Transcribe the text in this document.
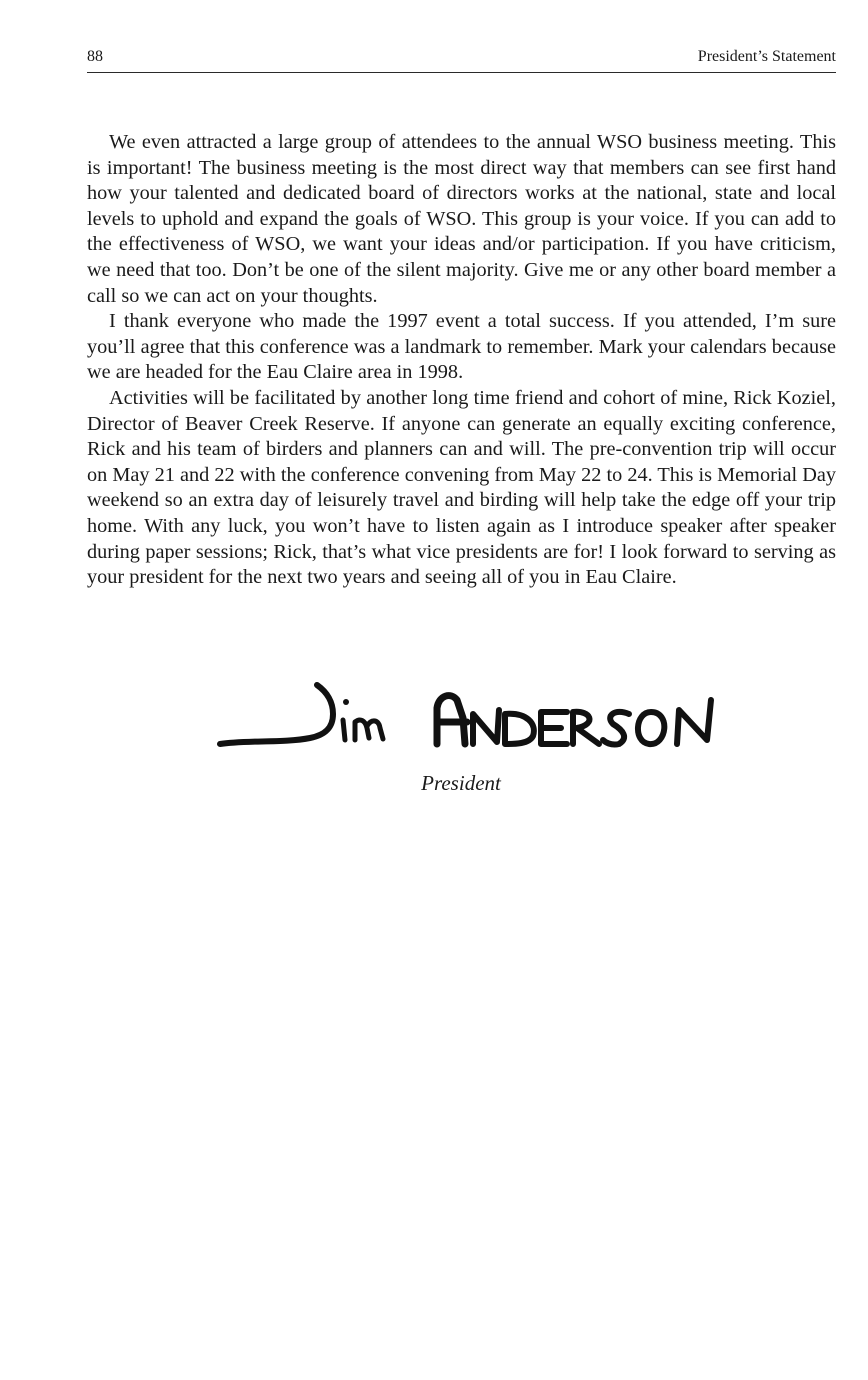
88	President’s Statement

We even attracted a large group of attendees to the annual WSO business meeting. This is important! The business meeting is the most direct way that members can see first hand how your talented and dedicated board of directors works at the national, state and local levels to uphold and expand the goals of WSO. This group is your voice. If you can add to the effectiveness of WSO, we want your ideas and/or participation. If you have criticism, we need that too. Don’t be one of the silent majority. Give me or any other board member a call so we can act on your thoughts.

I thank everyone who made the 1997 event a total success. If you attended, I’m sure you’ll agree that this conference was a landmark to remember. Mark your calendars because we are headed for the Eau Claire area in 1998.

Activities will be facilitated by another long time friend and cohort of mine, Rick Koziel, Director of Beaver Creek Reserve. If anyone can generate an equally exciting conference, Rick and his team of birders and planners can and will. The pre-convention trip will occur on May 21 and 22 with the conference convening from May 22 to 24. This is Memorial Day weekend so an extra day of leisurely travel and birding will help take the edge off your trip home. With any luck, you won’t have to listen again as I introduce speaker after speaker during paper sessions; Rick, that’s what vice presidents are for! I look forward to serving as your president for the next two years and seeing all of you in Eau Claire.

President
